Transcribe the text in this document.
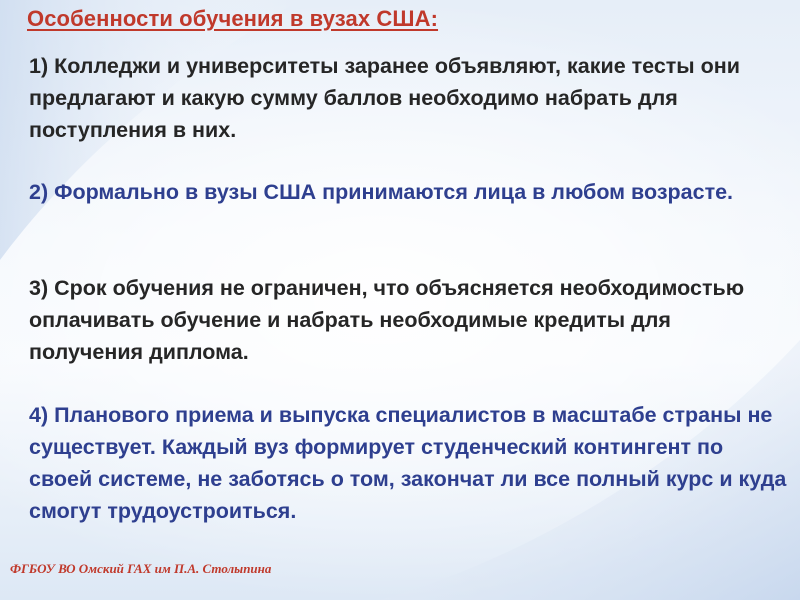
Особенности обучения в вузах США:

1) Колледжи и университеты заранее объявляют, какие тесты они предлагают и какую сумму баллов необходимо набрать для поступления в них.

2) Формально в вузы США принимаются лица в любом возрасте.

3) Срок обучения не ограничен, что объясняется необходимостью оплачивать обучение и набрать необходимые кредиты для получения диплома.

4) Планового приема и выпуска специалистов в масштабе страны не существует. Каждый вуз формирует студенческий контингент по своей системе, не заботясь о том, закончат ли все полный курс и куда смогут трудоустроиться.

ФГБОУ ВО Омский ГАХ им П.А. Столыпина
